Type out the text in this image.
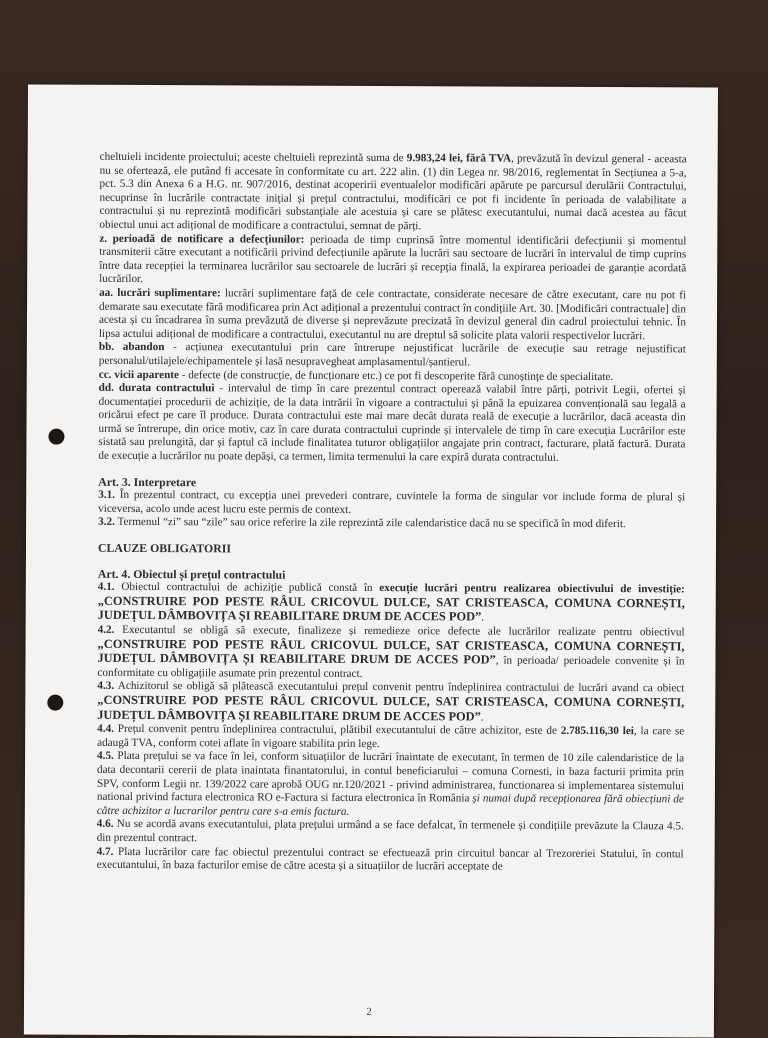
cheltuieli incidente proiectului; aceste cheltuieli reprezintă suma de 9.983,24 lei, fără TVA, prevăzută în devizul general - aceasta nu se ofertează, ele putând fi accesate în conformitate cu art. 222 alin. (1) din Legea nr. 98/2016, reglementat în Secțiunea a 5-a, pct. 5.3 din Anexa 6 a H.G. nr. 907/2016, destinat acoperirii eventualelor modificări apărute pe parcursul derulării Contractului, necuprinse în lucrările contractate inițial și prețul contractului, modificări ce pot fi incidente în perioada de valabilitate a contractului și nu reprezintă modificări substanțiale ale acestuia și care se plătesc executantului, numai dacă acestea au făcut obiectul unui act adițional de modificare a contractului, semnat de părți.

z. perioadă de notificare a defecțiunilor: perioada de timp cuprinsă între momentul identificării defecțiunii și momentul transmiterii către executant a notificării privind defecțiunile apărute la lucrări sau sectoare de lucrări în intervalul de timp cuprins între data recepției la terminarea lucrărilor sau sectoarele de lucrări și recepția finală, la expirarea perioadei de garanție acordată lucrărilor.

aa. lucrări suplimentare: lucrări suplimentare față de cele contractate, considerate necesare de către executant, care nu pot fi demarate sau executate fără modificarea prin Act adițional a prezentului contract în condițiile Art. 30. [Modificări contractuale] din acesta și cu încadrarea în suma prevăzută de diverse și neprevăzute precizată în devizul general din cadrul proiectului tehnic. În lipsa actului adițional de modificare a contractului, executantul nu are dreptul să solicite plata valorii respectivelor lucrări.

bb. abandon - acțiunea executantului prin care întrerupe nejustificat lucrările de execuție sau retrage nejustificat personalul/utilajele/echipamentele și lasă nesupravegheat amplasamentul/șantierul.

cc. vicii aparente - defecte (de construcție, de funcționare etc.) ce pot fi descoperite fără cunoștințe de specialitate.

dd. durata contractului - intervalul de timp în care prezentul contract operează valabil între părți, potrivit Legii, ofertei și documentației procedurii de achiziție, de la data intrării în vigoare a contractului și până la epuizarea convențională sau legală a oricărui efect pe care îl produce. Durata contractului este mai mare decât durata reală de execuție a lucrărilor, dacă aceasta din urmă se întrerupe, din orice motiv, caz în care durata contractului cuprinde și intervalele de timp în care execuția Lucrărilor este sistată sau prelungită, dar și faptul că include finalitatea tuturor obligațiilor angajate prin contract, facturare, plată factură. Durata de execuție a lucrărilor nu poate depăși, ca termen, limita termenului la care expiră durata contractului.

Art. 3. Interpretare

3.1. În prezentul contract, cu excepția unei prevederi contrare, cuvintele la forma de singular vor include forma de plural și viceversa, acolo unde acest lucru este permis de context.

3.2. Termenul “zi” sau “zile” sau orice referire la zile reprezintă zile calendaristice dacă nu se specifică în mod diferit.

CLAUZE OBLIGATORII

Art. 4. Obiectul și prețul contractului

4.1. Obiectul contractului de achiziție publică constă în execuție lucrări pentru realizarea obiectivului de investiție: „CONSTRUIRE POD PESTE RÂUL CRICOVUL DULCE, SAT CRISTEASCA, COMUNA CORNEȘTI, JUDEȚUL DÂMBOVIȚA ȘI REABILITARE DRUM DE ACCES POD”.

4.2. Executantul se obligă să execute, finalizeze și remedieze orice defecte ale lucrărilor realizate pentru obiectivul „CONSTRUIRE POD PESTE RÂUL CRICOVUL DULCE, SAT CRISTEASCA, COMUNA CORNEȘTI, JUDEȚUL DÂMBOVIȚA ȘI REABILITARE DRUM DE ACCES POD”, în perioada/ perioadele convenite și în conformitate cu obligațiile asumate prin prezentul contract.

4.3. Achizitorul se obligă să plătească executantului prețul convenit pentru îndeplinirea contractului de lucrări avand ca obiect „CONSTRUIRE POD PESTE RÂUL CRICOVUL DULCE, SAT CRISTEASCA, COMUNA CORNEȘTI, JUDEȚUL DÂMBOVIȚA ȘI REABILITARE DRUM DE ACCES POD”.

4.4. Prețul convenit pentru îndeplinirea contractului, plătibil executantului de către achizitor, este de 2.785.116,30 lei, la care se adaugă TVA, conform cotei aflate în vigoare stabilita prin lege.

4.5. Plata prețului se va face în lei, conform situațiilor de lucrări înaintate de executant, în termen de 10 zile calendaristice de la data decontarii cererii de plata inaintata finantatorului, in contul beneficiarului – comuna Cornesti, in baza facturii primita prin SPV, conform Legii nr. 139/2022 care aprobă OUG nr.120/2021 - privind administrarea, functionarea si implementarea sistemului national privind factura electronica RO e-Factura si factura electronica în România și numai după recepționarea fără obiecțiuni de către achizitor a lucrarilor pentru care s-a emis factura.

4.6. Nu se acordă avans executantului, plata prețului urmând a se face defalcat, în termenele și condițiile prevăzute la Clauza 4.5. din prezentul contract.

4.7. Plata lucrărilor care fac obiectul prezentului contract se efectuează prin circuitul bancar al Trezoreriei Statului, în contul executantului, în baza facturilor emise de către acesta și a situațiilor de lucrări acceptate de

2
